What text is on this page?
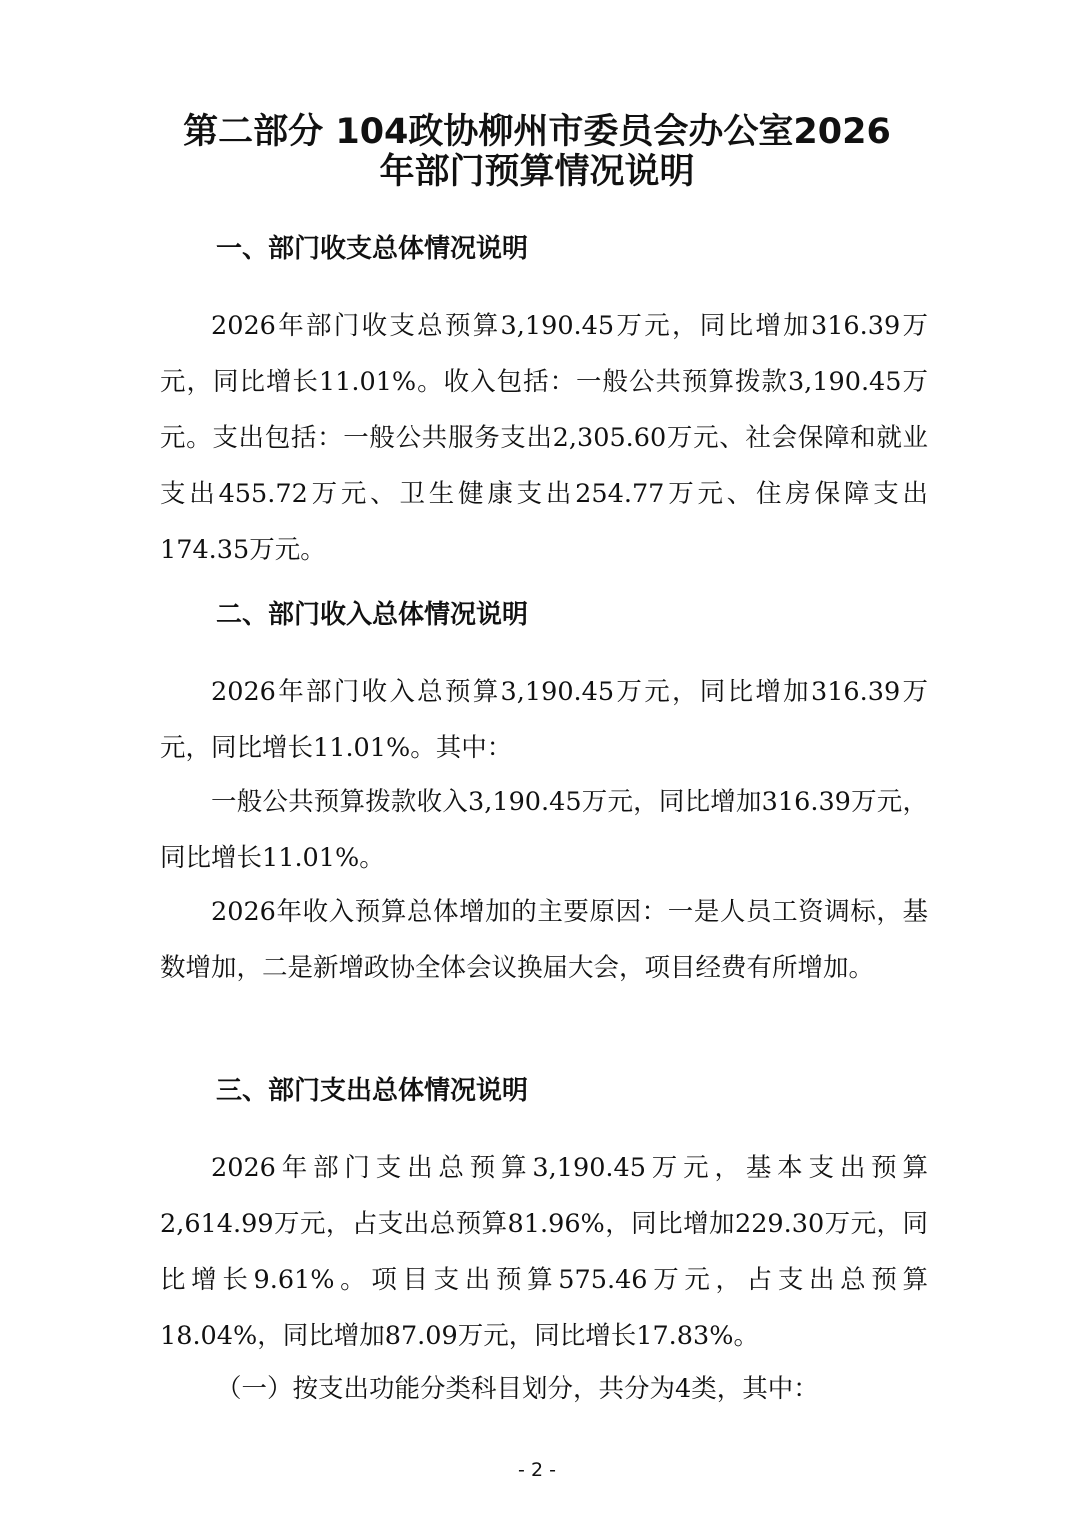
第二部分 104政协柳州市委员会办公室2026
年部门预算情况说明
一、部门收支总体情况说明

2026年部门收支总预算3,190.45万元，同比增加316.39万元，同比增长11.01%。收入包括：一般公共预算拨款3,190.45万元。支出包括：一般公共服务支出2,305.60万元、社会保障和就业支出455.72万元、卫生健康支出254.77万元、住房保障支出174.35万元。

二、部门收入总体情况说明

2026年部门收入总预算3,190.45万元，同比增加316.39万元，同比增长11.01%。其中：

一般公共预算拨款收入3,190.45万元，同比增加316.39万元，同比增长11.01%。

2026年收入预算总体增加的主要原因：一是人员工资调标，基数增加，二是新增政协全体会议换届大会，项目经费有所增加。

三、部门支出总体情况说明

2026年部门支出总预算3,190.45万元，基本支出预算2,614.99万元，占支出总预算81.96%，同比增加229.30万元，同比增长9.61%。项目支出预算575.46万元，占支出总预算18.04%，同比增加87.09万元，同比增长17.83%。

（一）按支出功能分类科目划分，共分为4类，其中：

- 2 -
